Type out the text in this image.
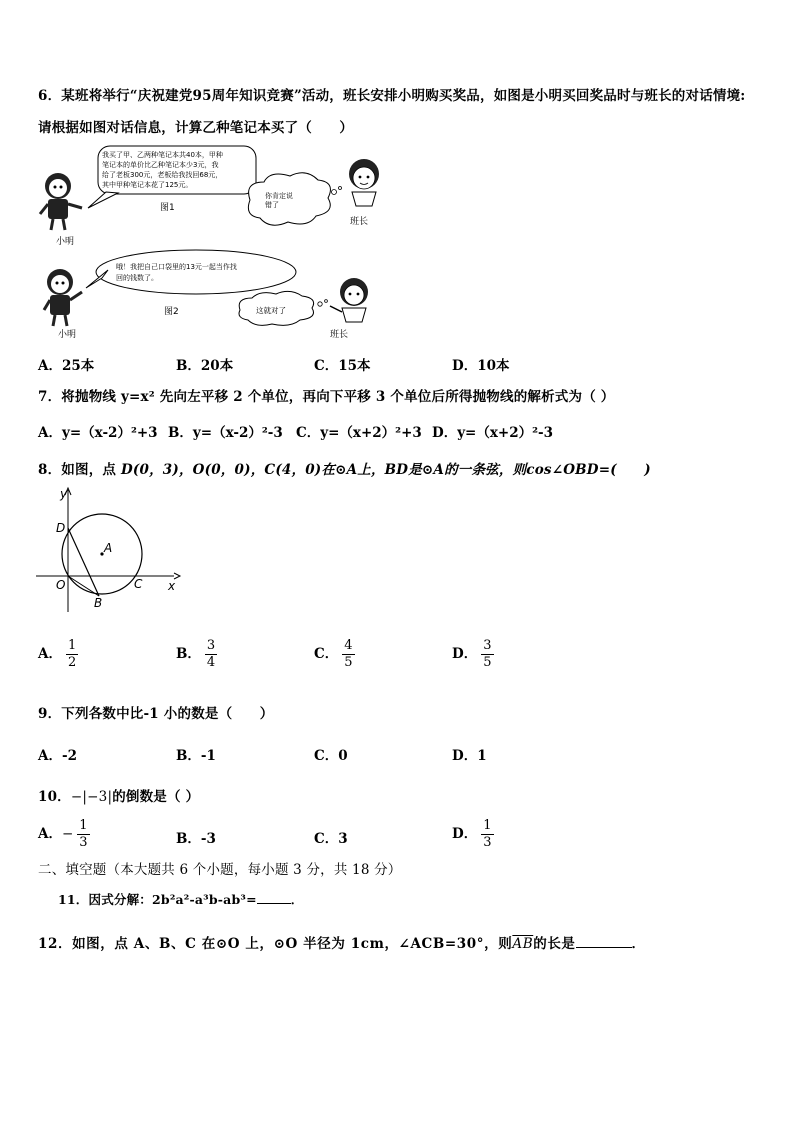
6．某班将举行“庆祝建党95周年知识竞赛”活动，班长安排小明购买奖品，如图是小明买回奖品时与班长的对话情境:
请根据如图对话信息，计算乙种笔记本买了（　　）
我买了甲、乙两种笔记本共40本，甲种
笔记本的单价比乙种笔记本少3元，我
给了老板300元，老板给我找回68元，
其中甲种笔记本花了125元。
图1
小明
你肯定说
错了
班长
哦！我把自己口袋里的13元一起当作找
回的钱数了。
图2
小明
这就对了
班长
A．25本	B．20本	C．15本	D．10本
7．将抛物线 y=x² 先向左平移 2 个单位，再向下平移 3 个单位后所得抛物线的解析式为（ ）
A．y=（x-2）²+3 B．y=（x-2）²-3 C．y=（x+2）²+3 D．y=（x+2）²-3
8．如图，点 D(0，3)，O(0，0)，C(4，0)在⊙A上，BD是⊙A的一条弦，则cos∠OBD=(　　)
y
x
D
A
O	C
B
A． $\frac{1}{2}$	B． $\frac{3}{4}$	C． $\frac{4}{5}$	D． $\frac{3}{5}$
9．下列各数中比-1 小的数是（　　）
A．-2	B．-1	C．0	D．1
10．−|−3|的倒数是（ ）
A．− $\frac{1}{3}$	B．-3	C．3	D． $\frac{1}{3}$
二、填空题（本大题共 6 个小题，每小题 3 分，共 18 分）
11．因式分解：2b²a²-a³b-ab³=	．
12．如图，点 A、B、C 在⊙O 上，⊙O 半径为 1cm，∠ACB=30°，则$\overline{AB}$的长是	．
